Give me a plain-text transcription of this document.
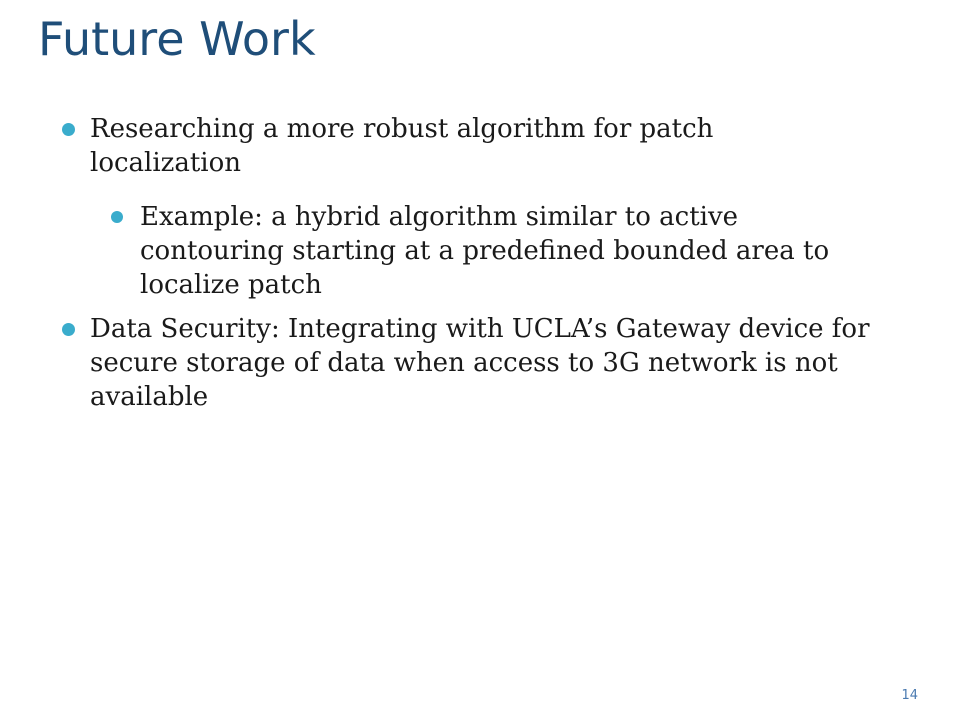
Future Work
Researching a more robust algorithm for patch localization
Example: a hybrid algorithm similar to active contouring starting at a predefined bounded area to localize patch
Data Security: Integrating with UCLA’s Gateway device for secure storage of data when access to 3G network is not available
14
